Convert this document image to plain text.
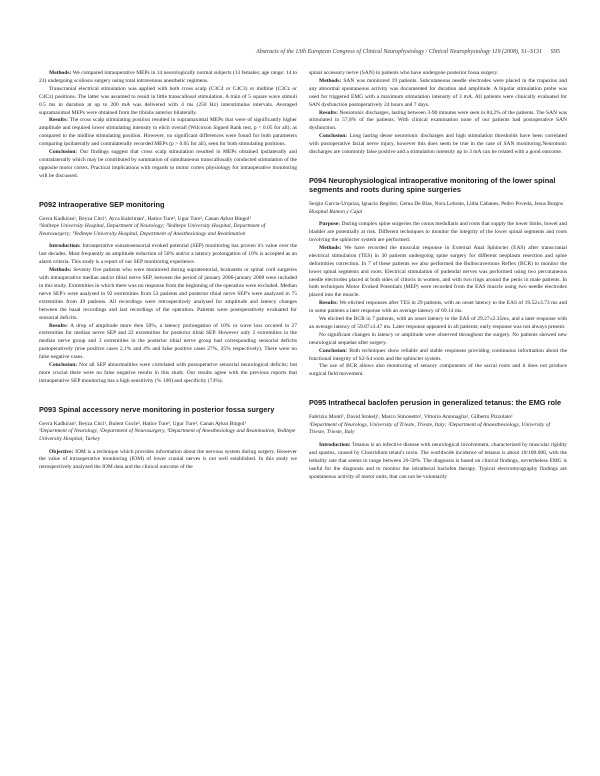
Abstracts of the 13th European Congress of Clinical Neurophysiology / Clinical Neurophysiology 119 (2008), S1–S131 S95

Methods: We compared intraoperative MEPs in 14 neurologically normal subjects (13 females; age range: 14 to 23) undergoing scoliosis surgery using total intravenous anesthetic regimens.

Transcranial electrical stimulation was applied with both cross scalp (C3C4 or C4C3) or midline (C3Cz or C4Cz) positions. The latter was assumed to result in little transcallosal stimulation. A train of 5 square wave stimuli 0.5 ms in duration at up to 200 mA was delivered with 4 ms (250 Hz) interstimulus intervals. Averaged supramaximal MEPs were obtained from the tibialis anterior bilaterally.

Results: The cross scalp stimulating position resulted in supramaximal MEPs that were of significantly higher amplitude and required lower stimulating intensity to elicit overall (Wilcoxon Signed Rank test, p < 0.05 for all), as compared to the midline stimulating position. However, no significant differences were found for both parameters comparing ipsilaterally and contralaterally recorded MEPs (p > 0.05 for all), seen for both stimulating positions.

Conclusion: Our findings suggest that cross scalp stimulation resulted in MEPs obtained ipsilaterally and contralaterally which may be contributed by summation of simultaneous transcallosally conducted stimulation of the opposite motor cortex. Practical implications with regards to motor cortex physiology for intraoperative monitoring will be discussed.

P092 Intraoperative SEP monitoring
Gevra Kadkiran¹, Beyza Citci¹, Ayca Kahriman¹, Hatice Ture³, Ugur Ture², Canan Aykut Bingol¹
¹Yeditepe University Hospital, Department of Neurology; ²Yeditepe University Hospital, Department of Neurosurgery; ³Yeditepe University Hospital, Department of Anesthesiology and Reanimation

Introduction: Intraoperative somatosensorial evoked potential (SEP) monitoring has proven it's value over the last decades. Most frequently an amplitude reduction of 50% and/or a latency prolongation of 10% is accepted as an alarm criteria. This study is a report of our SEP monitoring experience.

Methods: Seventy five patients who were monitored during supratentorial, brainstem or spinal cord surgeries with intraoperative median and/or tibial nerve SEP, between the period of january 2006-january 2008 were included in this study. Extremities in which there was no response from the beginning of the operation were excluded. Median nerve SEP's were analysed in 92 extremities from 53 patients and posterior tibial nerve SEP's were analyzed in 75 extremities from 49 patients. All recordings were retrospectively analysed for amplitude and latency changes between the basal recordings and last recordings of the operation. Patients were postoperatively evaluated for sensorial deficits.

Results: A drop of amplitude more then 50%, a latency prolongation of 10% or wave loss occured in 27 extremities for median nerve SEP and 22 extremities for posterior tibial SEP. However only 2 extremities in the median nerve group and 3 extremities in the posterior tibial nerve group had corresponding sensorial deficits postoperatively (true positive cases 2,1% and 4% and false positive cases 27%, 25% respectively). There were no false negative cases.

Conclusion: Not all SEP abnormalities were correlated with postoperative sensorial neurological deficits; but more crucial there were no false negative results in this study. Our results agree with the previous reports that intraoperative SEP monitoring has a high sensitivity (% 100) and specificity (74%).

P093 Spinal accessory nerve monitoring in posterior fossa surgery
Gevra Kadkiran¹, Beyza Citci¹, Bulent Gucle², Hatice Ture³, Ugur Ture², Canan Aykut Bingol¹
¹Department of Neurology, ²Department of Neurosurgery, ³Department of Anesthesiology and Reanimation, Yeditepe University Hospital, Turkey

Objective: IOM is a technique which provides information about the nervous system during surgery. However the value of intraoperative monitoring (IOM) of lower cranial nerves is not well established. In this study we retrospectively analyzed the IOM data and the clinical outcome of the

spinal accessory nerve (SAN) in patients who have undergone posterior fossa surgery.

Methods: SAN was monitored 19 patients. Subcutaneous needle electrodes were placed in the trapezius and any abnormal spontaneous activity was documented for duration and amplitude. A bipolar stimulation probe was used for triggered EMG with a maximum stimulation intensity of 3 mA. All patients were clinically evaluated for SAN dysfunction postoperatively 24 hours and 7 days.

Results: Neurotonic discharges, lasting between 3-90 minutes were seen in 84,2% of the patients. The SAN was stimulated in 57,8% of the patients. With clinical examination none of our patients had postoperative SAN dysfunction.

Conclusion: Long lasting dense neurotonic discharges and high stimulation thresholds have been correlated with postoperative facial nerve injury, however this does seem be true in the case of SAN monitoring.Neurotonic discharges are commonly false positive and a stimulation intensity up to 3 mA can be related with a good outcome.

P094 Neurophysiological intraoperative monitoring of the lower spinal segments and roots during spine surgeries
Sergio Garcia-Urquiza, Ignacio Regidor, Gema De Blas, Nora Lebrato, Lidia Cabanes, Pedro Poveda, Jesus Burgos
Hospital Ramon y Cajal

Purpose: During complex spine surgeries the conus medullaris and roots that supply the lower limbs, bowel and bladder are potentially at risk. Different techniques to monitor the integrity of the lower spinal segments and roots involving the sphincter system are performed.

Methods: We have recorded the muscular response in External Anal Sphincter (EAS) after transcranial electrical stimulation (TES) in 30 patients undergoing spine surgery for different neoplasm resection and spine deformities correction. In 7 of these patients we also performed the Bulbocavernous Reflex (BCR) to monitor the lower spinal segments and roots. Electrical stimulation of pudendal nerves was performed using two percutaneous needle electrodes placed at both sides of clitoris in women, and with two rings around the penis in male patients. In both techniques Motor Evoked Potentials (MEP) were recorded from the EAS muscle using two needle electrodes placed into the muscle.

Results: We elicited responses after TES in 29 patients, with an onset latency to the EAS of 19.52±3.73 ms and in some patients a later response with an average latency of 69.14 ms.

We elicited the BCR in 7 patients, with an onset latency to the EAS of 29.27±2.35ms, and a later response with an average latency of 59.87±3.47 ms. Later response appeared in all patients; early response was not always present.

No significant changes in latency or amplitude were observed throughout the surgery. No patients showed new neurological sequelae after surgery.

Conclusion: Both techniques show reliable and stable responses providing continuous information about the functional integrity of S2-S4 roots and the sphincter system.

The use of BCR allows also monitoring of sensory components of the sacral roots and it does not produce surgical field movement.

P095 Intrathecal baclofen perusion in generalized tetanus: the EMG role
Fabrizio Monti¹, David Stokelj¹, Marco Simonetto¹, Vittorio Antonaglia², Gilberto Pizzolato¹
¹Department of Neurology, University of Trieste, Trieste, Italy; ²Department of Anaesthesiology, University of Trieste, Trieste, Italy

Introduction: Tetanus is an infective disease with neurological involvement, characterized by muscular rigidity and spasms, caused by Clostridium tetani's toxin. The worldwide incidence of tetanus is about 18/100.000, with the lethality rate that seems to range between 20-50%. The diagnosis is based on clinical findings, nevertheless EMG is useful for the diagnosis and to monitor the intrathecal baclofen therapy. Typical electromyography findings are spontaneous activity of motor units, that can not be voluntarily
